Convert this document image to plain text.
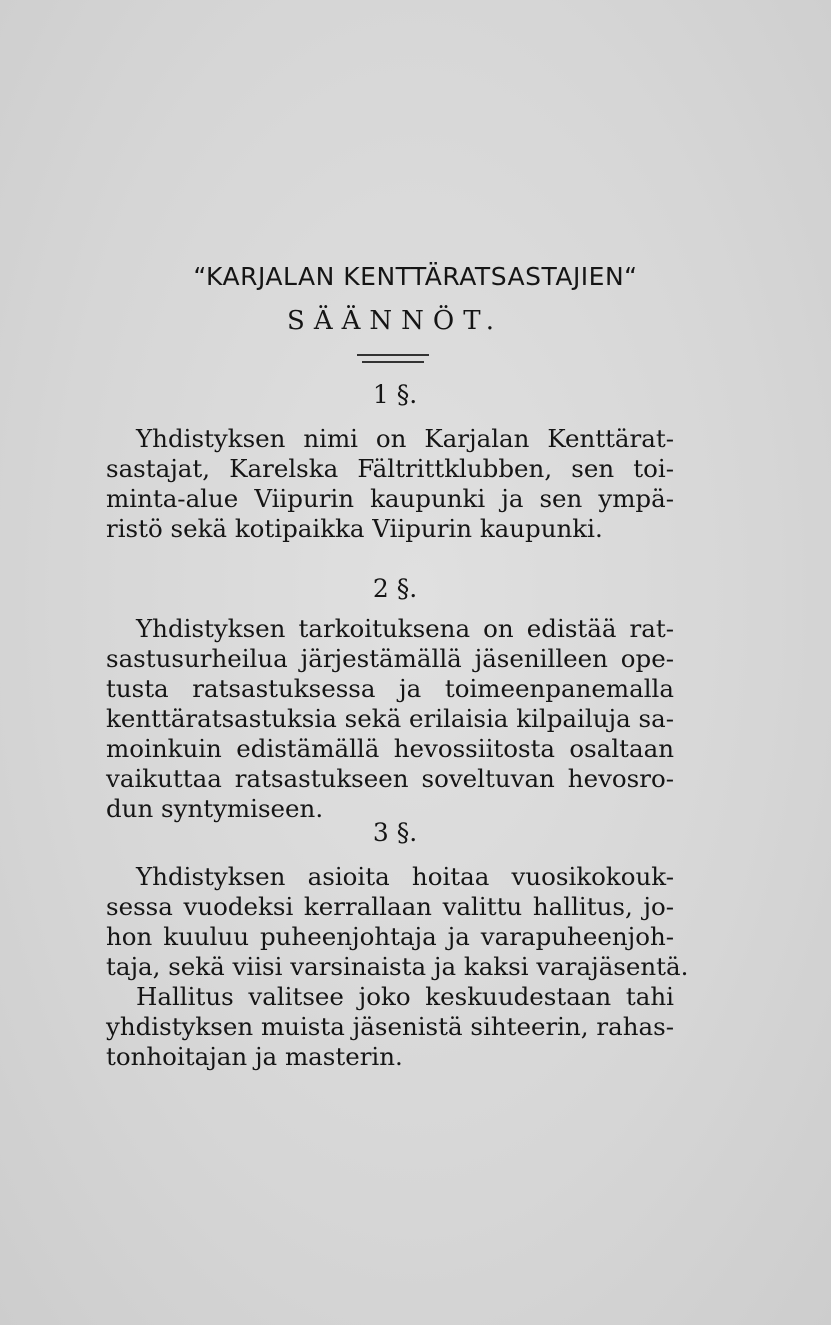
“KARJALAN KENTTÄRATSASTAJIEN“
SÄÄNNÖT.
1 §.
Yhdistyksen nimi on Karjalan Kenttärat-
sastajat, Karelska Fältrittklubben, sen toi-
minta-alue Viipurin kaupunki ja sen ympä-
ristö sekä kotipaikka Viipurin kaupunki.
2 §.
Yhdistyksen tarkoituksena on edistää rat-
sastusurheilua järjestämällä jäsenilleen ope-
tusta ratsastuksessa ja toimeenpanemalla
kenttäratsastuksia sekä erilaisia kilpailuja sa-
moinkuin edistämällä hevossiitosta osaltaan
vaikuttaa ratsastukseen soveltuvan hevosro-
dun syntymiseen.
3 §.
Yhdistyksen asioita hoitaa vuosikokouk-
sessa vuodeksi kerrallaan valittu hallitus, jo-
hon kuuluu puheenjohtaja ja varapuheenjoh-
taja, sekä viisi varsinaista ja kaksi varajäsentä.
Hallitus valitsee joko keskuudestaan tahi
yhdistyksen muista jäsenistä sihteerin, rahas-
tonhoitajan ja masterin.
